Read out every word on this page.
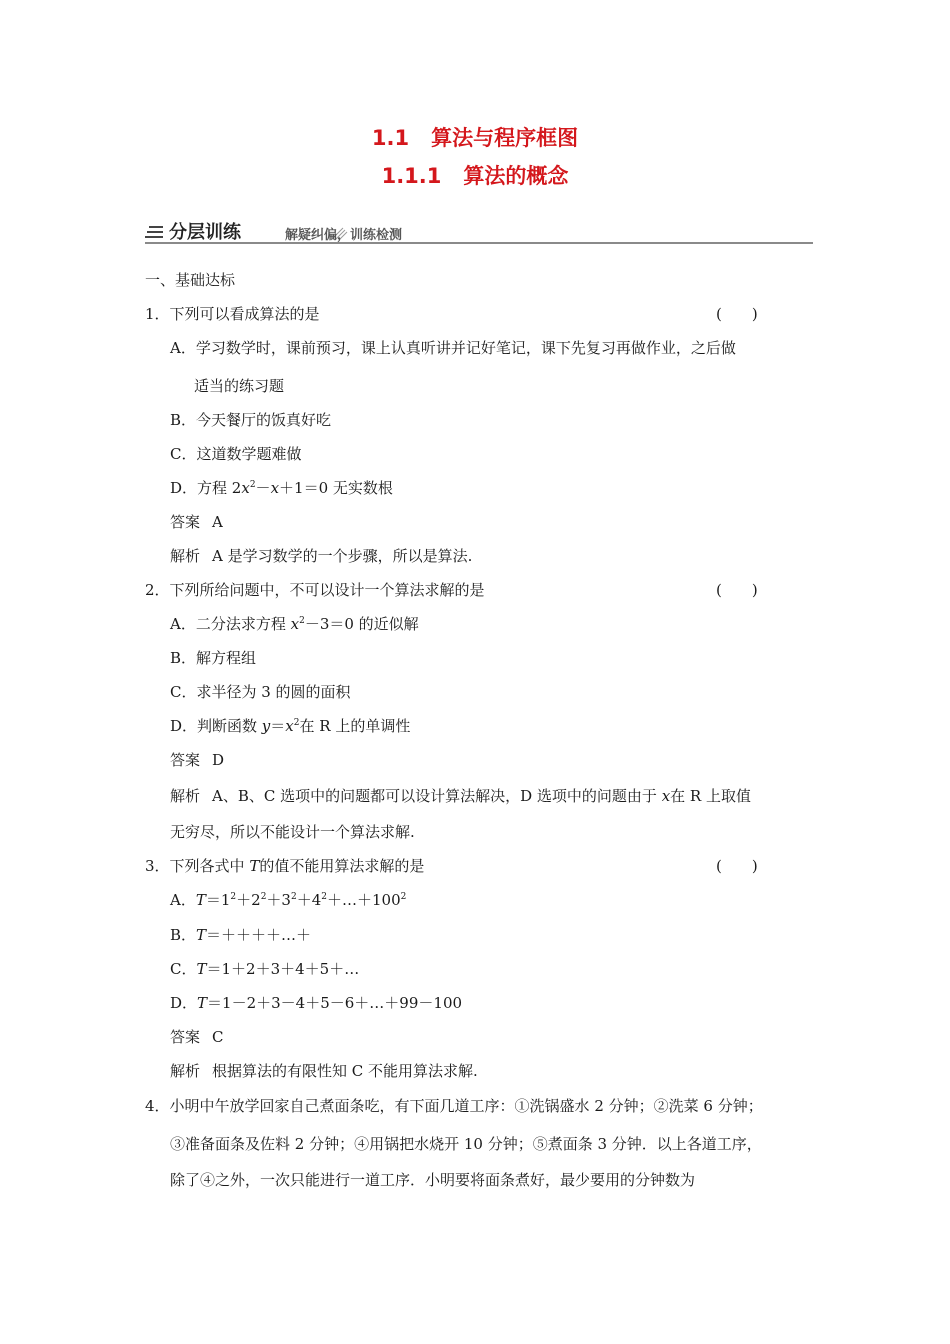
1.1 算法与程序框图
1.1.1 算法的概念
分层训练	解疑纠偏，训练检测
一、基础达标
1．下列可以看成算法的是	(　　)
A．学习数学时，课前预习，课上认真听讲并记好笔记，课下先复习再做作业，之后做
适当的练习题
B．今天餐厅的饭真好吃
C．这道数学题难做
D．方程 $2x^2-x+1=0$ 无实数根
答案 A
解析 A 是学习数学的一个步骤，所以是算法.
2．下列所给问题中，不可以设计一个算法求解的是	(　　)
A．二分法求方程 $x^2-3=0$ 的近似解
B．解方程组
C．求半径为 3 的圆的面积
D．判断函数 $y=x^2$在 R 上的单调性
答案 D
解析 A、B、C 选项中的问题都可以设计算法解决，D 选项中的问题由于 x在 R 上取值
无穷尽，所以不能设计一个算法求解.
3．下列各式中 T的值不能用算法求解的是	(　　)
A．$T=1^2+2^2+3^2+4^2+\dots+100^2$
B．T＝＋＋＋＋…＋
C．T＝1＋2＋3＋4＋5＋…
D．T＝1－2＋3－4＋5－6＋…＋99－100
答案 C
解析 根据算法的有限性知 C 不能用算法求解.
4．小明中午放学回家自己煮面条吃，有下面几道工序：①洗锅盛水 2 分钟；②洗菜 6 分钟；
③准备面条及佐料 2 分钟；④用锅把水烧开 10 分钟；⑤煮面条 3 分钟．以上各道工序，
除了④之外，一次只能进行一道工序．小明要将面条煮好，最少要用的分钟数为
